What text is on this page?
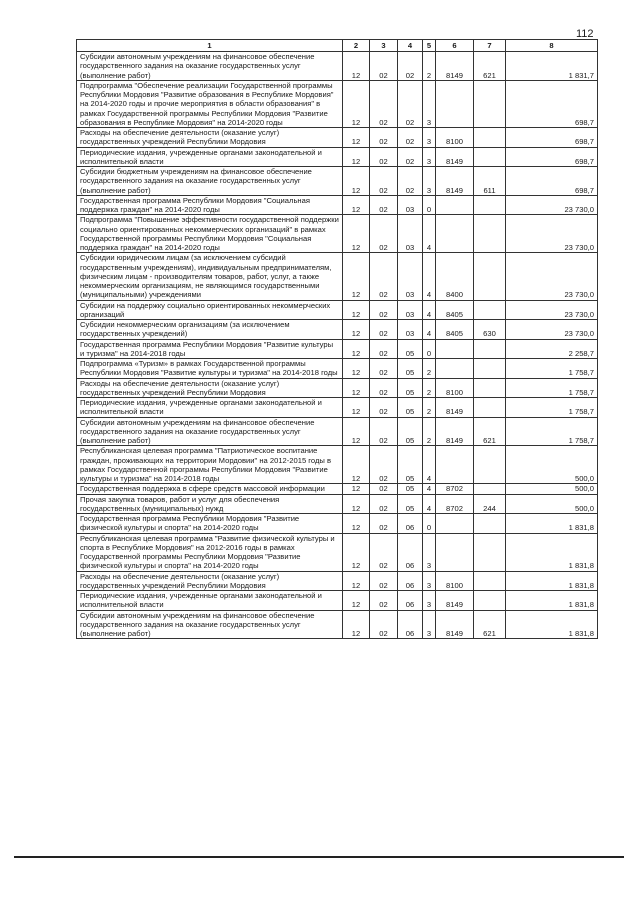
112
1	2	3	4	5	6	7	8
Субсидии автономным учреждениям на финансовое обеспечение государственного задания на оказание государственных услуг (выполнение работ)	12	02	02	2	8149	621	1 831,7
Подпрограмма "Обеспечение реализации Государственной программы Республики Мордовия "Развитие образования в Республике Мордовия" на 2014-2020 годы и прочие мероприятия в области образования" в рамках Государственной программы Республики Мордовия "Развитие образования в Республике Мордовия" на 2014-2020 годы	12	02	02	3			698,7
Расходы на обеспечение деятельности (оказание услуг) государственных учреждений Республики Мордовия	12	02	02	3	8100		698,7
Периодические издания, учрежденные органами законодательной и исполнительной власти	12	02	02	3	8149		698,7
Субсидии бюджетным учреждениям на финансовое обеспечение государственного задания на оказание государственных услуг (выполнение работ)	12	02	02	3	8149	611	698,7
Государственная программа Республики Мордовия "Социальная поддержка граждан" на 2014-2020 годы	12	02	03	0			23 730,0
Подпрограмма "Повышение эффективности государственной поддержки социально ориентированных некоммерческих организаций" в рамках Государственной программы Республики Мордовия "Социальная поддержка граждан" на 2014-2020 годы	12	02	03	4			23 730,0
Субсидии юридическим лицам (за исключением субсидий государственным учреждениям), индивидуальным предпринимателям, физическим лицам - производителям товаров, работ, услуг, а также некоммерческим организациям, не являющимся государственными (муниципальными) учреждениями	12	02	03	4	8400		23 730,0
Субсидии на поддержку социально ориентированных некоммерческих организаций	12	02	03	4	8405		23 730,0
Субсидии некоммерческим организациям (за исключением государственных учреждений)	12	02	03	4	8405	630	23 730,0
Государственная программа Республики Мордовия "Развитие культуры и туризма" на 2014-2018 годы	12	02	05	0			2 258,7
Подпрограмма «Туризм» в рамках Государственной программы Республики Мордовия "Развитие культуры и туризма" на 2014-2018 годы	12	02	05	2			1 758,7
Расходы на обеспечение деятельности (оказание услуг) государственных учреждений Республики Мордовия	12	02	05	2	8100		1 758,7
Периодические издания, учрежденные органами законодательной и исполнительной власти	12	02	05	2	8149		1 758,7
Субсидии автономным учреждениям на финансовое обеспечение государственного задания на оказание государственных услуг (выполнение работ)	12	02	05	2	8149	621	1 758,7
Республиканская целевая программа "Патриотическое воспитание граждан, проживающих на территории Мордовии" на 2012-2015 годы в рамках Государственной программы Республики Мордовия "Развитие культуры и туризма" на 2014-2018 годы	12	02	05	4			500,0
Государственная поддержка в сфере средств массовой информации	12	02	05	4	8702		500,0
Прочая закупка товаров, работ и услуг для обеспечения государственных (муниципальных) нужд	12	02	05	4	8702	244	500,0
Государственная программа Республики Мордовия "Развитие физической культуры и спорта" на 2014-2020 годы	12	02	06	0			1 831,8
Республиканская целевая программа "Развитие физической культуры и спорта в Республике Мордовия" на 2012-2016 годы в рамках Государственной программы Республики Мордовия "Развитие физической культуры и спорта" на 2014-2020 годы	12	02	06	3			1 831,8
Расходы на обеспечение деятельности (оказание услуг) государственных учреждений Республики Мордовия	12	02	06	3	8100		1 831,8
Периодические издания, учрежденные органами законодательной и исполнительной власти	12	02	06	3	8149		1 831,8
Субсидии автономным учреждениям на финансовое обеспечение государственного задания на оказание государственных услуг (выполнение работ)	12	02	06	3	8149	621	1 831,8
